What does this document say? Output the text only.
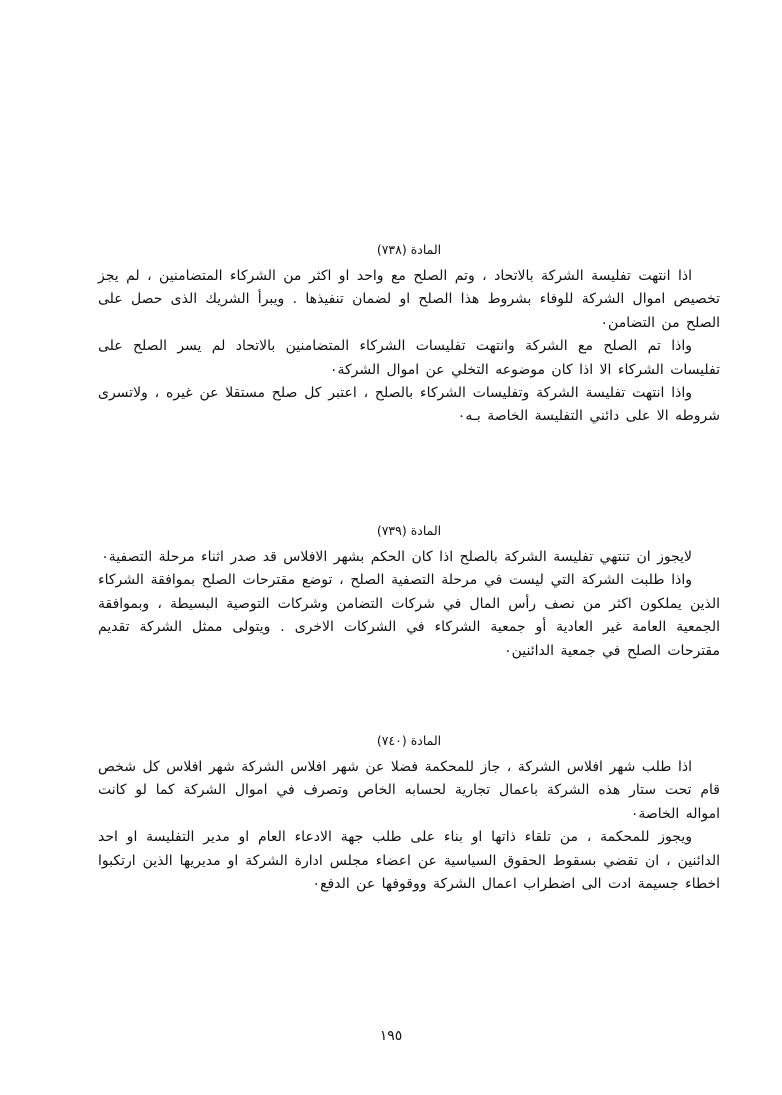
المادة (٧٣٨)

اذا انتهت تفليسة الشركة بالاتحاد ، وتم الصلح مع واحد او اكثر من الشركاء المتضامنين ، لم يجز تخصيص اموال الشركة للوفاء بشروط هذا الصلح او لضمان تنفيذها . ويبرأ الشريك الذى حصل على الصلح من التضامن٠

واذا تم الصلح مع الشركة وانتهت تفليسات الشركاء المتضامنين بالاتحاد لم يسر الصلح على تفليسات الشركاء الا اذا كان موضوعه التخلي عن اموال الشركة٠

واذا انتهت تفليسة الشركة وتفليسات الشركاء بالصلح ، اعتبر كل صلح مستقلا عن غيره ، ولاتسرى شروطه الا على دائني التفليسة الخاصة بـه٠

المادة (٧٣٩)

لايجوز ان تنتهي تفليسة الشركة بالصلح اذا كان الحكم بشهر الافلاس قد صدر اثناء مرحلة التصفية٠

واذا طلبت الشركة التي ليست في مرحلة التصفية الصلح ، توضع مقترحات الصلح بموافقة الشركاء الذين يملكون اكثر من نصف رأس المال في شركات التضامن وشركات التوصية البسيطة ، وبموافقة الجمعية العامة غير العادية أو جمعية الشركاء في الشركات الاخرى . ويتولى ممثل الشركة تقديم مقترحات الصلح في جمعية الدائنين٠

المادة (٧٤٠)

اذا طلب شهر افلاس الشركة ، جاز للمحكمة فضلا عن شهر افلاس الشركة شهر افلاس كل شخص قام تحت ستار هذه الشركة باعمال تجارية لحسابه الخاص وتصرف في اموال الشركة كما لو كانت امواله الخاصة٠

ويجوز للمحكمة ، من تلقاء ذاتها او بناء على طلب جهة الادعاء العام او مدير التفليسة او احد الدائنين ، ان تقضي بسقوط الحقوق السياسية عن اعضاء مجلس ادارة الشركة او مديريها الذين ارتكبوا اخطاء جسيمة ادت الى اضطراب اعمال الشركة ووقوفها عن الدفع٠

١٩٥
